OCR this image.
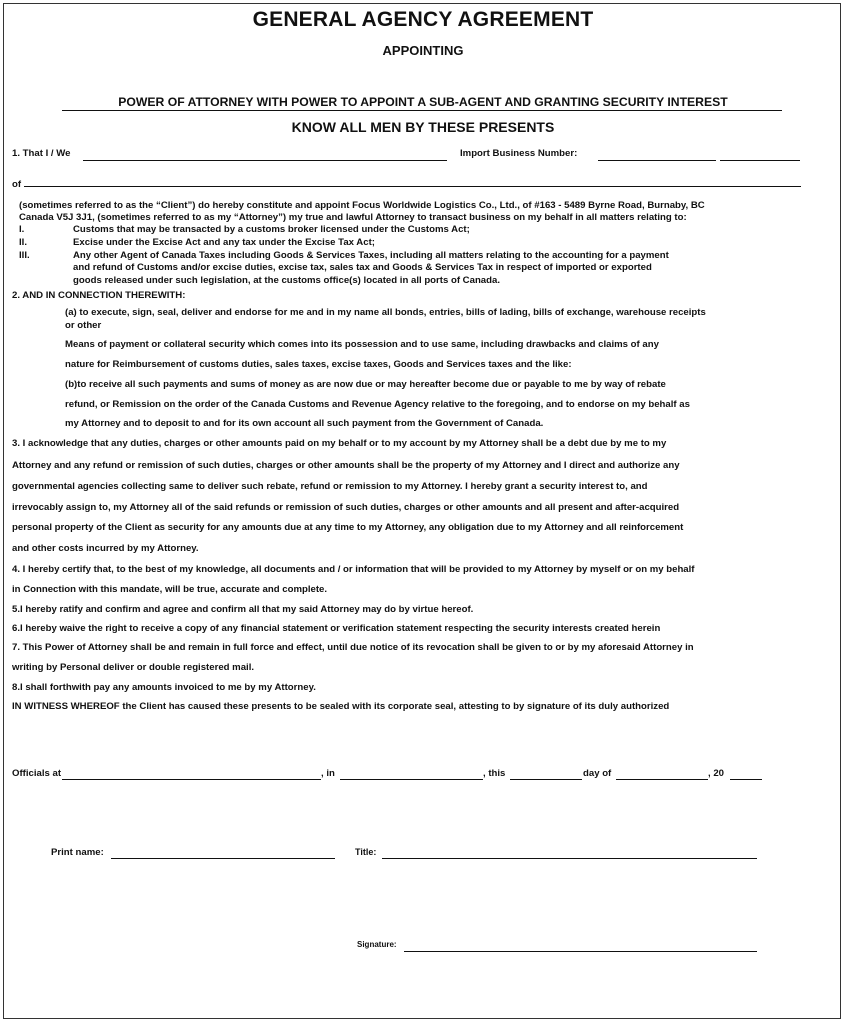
GENERAL AGENCY AGREEMENT
APPOINTING
POWER OF ATTORNEY WITH POWER TO APPOINT A SUB-AGENT AND GRANTING SECURITY INTEREST
KNOW ALL MEN BY THESE PRESENTS
1. That I / We	Import Business Number:
of
(sometimes referred to as the “Client”) do hereby constitute and appoint Focus Worldwide Logistics Co., Ltd., of #163 - 5489 Byrne Road, Burnaby, BC
Canada V5J 3J1, (sometimes referred to as my “Attorney”) my true and lawful Attorney to transact business on my behalf in all matters relating to:
I.	Customs that may be transacted by a customs broker licensed under the Customs Act;
II.	Excise under the Excise Act and any tax under the Excise Tax Act;
III.	Any other Agent of Canada Taxes including Goods & Services Taxes, including all matters relating to the accounting for a payment
and refund of Customs and/or excise duties, excise tax, sales tax and Goods & Services Tax in respect of imported or exported
goods released under such legislation, at the customs office(s) located in all ports of Canada.
2. AND IN CONNECTION THEREWITH:
(a) to execute, sign, seal, deliver and endorse for me and in my name all bonds, entries, bills of lading, bills of exchange, warehouse receipts
or other
Means of payment or collateral security which comes into its possession and to use same, including drawbacks and claims of any
nature for Reimbursement of customs duties, sales taxes, excise taxes, Goods and Services taxes and the like:
(b)to receive all such payments and sums of money as are now due or may hereafter become due or payable to me by way of rebate
refund, or Remission on the order of the Canada Customs and Revenue Agency relative to the foregoing, and to endorse on my behalf as
my Attorney and to deposit to and for its own account all such payment from the Government of Canada.
3. I acknowledge that any duties, charges or other amounts paid on my behalf or to my account by my Attorney shall be a debt due by me to my
Attorney and any refund or remission of such duties, charges or other amounts shall be the property of my Attorney and I direct and authorize any
governmental agencies collecting same to deliver such rebate, refund or remission to my Attorney. I hereby grant a security interest to, and
irrevocably assign to, my Attorney all of the said refunds or remission of such duties, charges or other amounts and all present and after-acquired
personal property of the Client as security for any amounts due at any time to my Attorney, any obligation due to my Attorney and all reinforcement
and other costs incurred by my Attorney.
4. I hereby certify that, to the best of my knowledge, all documents and / or information that will be provided to my Attorney by myself or on my behalf
in Connection with this mandate, will be true, accurate and complete.
5.I hereby ratify and confirm and agree and confirm all that my said Attorney may do by virtue hereof.
6.I hereby waive the right to receive a copy of any financial statement or verification statement respecting the security interests created herein
7. This Power of Attorney shall be and remain in full force and effect, until due notice of its revocation shall be given to or by my aforesaid Attorney in
writing by Personal deliver or double registered mail.
8.I shall forthwith pay any amounts invoiced to me by my Attorney.
IN WITNESS WHEREOF the Client has caused these presents to be sealed with its corporate seal, attesting to by signature of its duly authorized
Officials at	, in	, this	day of	, 20
Print name:	Title:
Signature:
